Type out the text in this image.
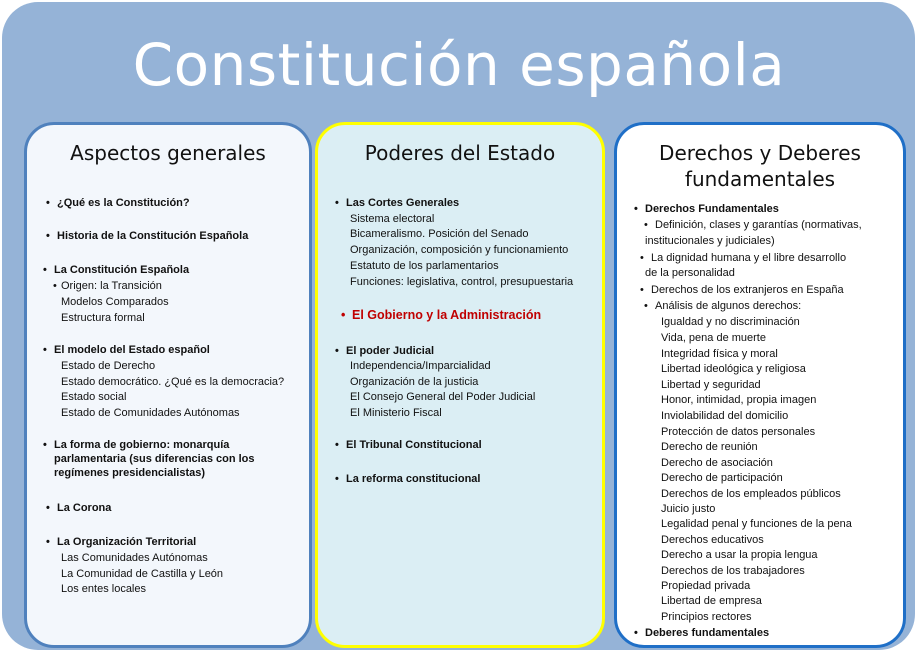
Constitución española
Aspectos generales
• ¿Qué es la Constitución?
• Historia de la Constitución Española
• La Constitución Española
• Origen: la Transición
Modelos Comparados
Estructura formal
• El modelo del Estado español
Estado de Derecho
Estado democrático. ¿Qué es la democracia?
Estado social
Estado de Comunidades Autónomas
• La forma de gobierno: monarquía
parlamentaria (sus diferencias con los
regímenes presidencialistas)
• La Corona
• La Organización Territorial
Las Comunidades Autónomas
La Comunidad de Castilla y León
Los entes locales
Poderes del Estado
• Las Cortes Generales
Sistema electoral
Bicameralismo. Posición del Senado
Organización, composición y funcionamiento
Estatuto de los parlamentarios
Funciones: legislativa, control, presupuestaria
• El Gobierno y la Administración
• El poder Judicial
Independencia/Imparcialidad
Organización de la justicia
El Consejo General del Poder Judicial
El Ministerio Fiscal
• El Tribunal Constitucional
• La reforma constitucional
Derechos y Deberes
fundamentales
• Derechos Fundamentales
• Definición, clases y garantías (normativas,
institucionales y judiciales)
• La dignidad humana y el libre desarrollo
de la personalidad
• Derechos de los extranjeros en España
• Análisis de algunos derechos:
Igualdad y no discriminación
Vida, pena de muerte
Integridad física y moral
Libertad ideológica y religiosa
Libertad y seguridad
Honor, intimidad, propia imagen
Inviolabilidad del domicilio
Protección de datos personales
Derecho de reunión
Derecho de asociación
Derecho de participación
Derechos de los empleados públicos
Juicio justo
Legalidad penal y funciones de la pena
Derechos educativos
Derecho a usar la propia lengua
Derechos de los trabajadores
Propiedad privada
Libertad de empresa
Principios rectores
• Deberes fundamentales
